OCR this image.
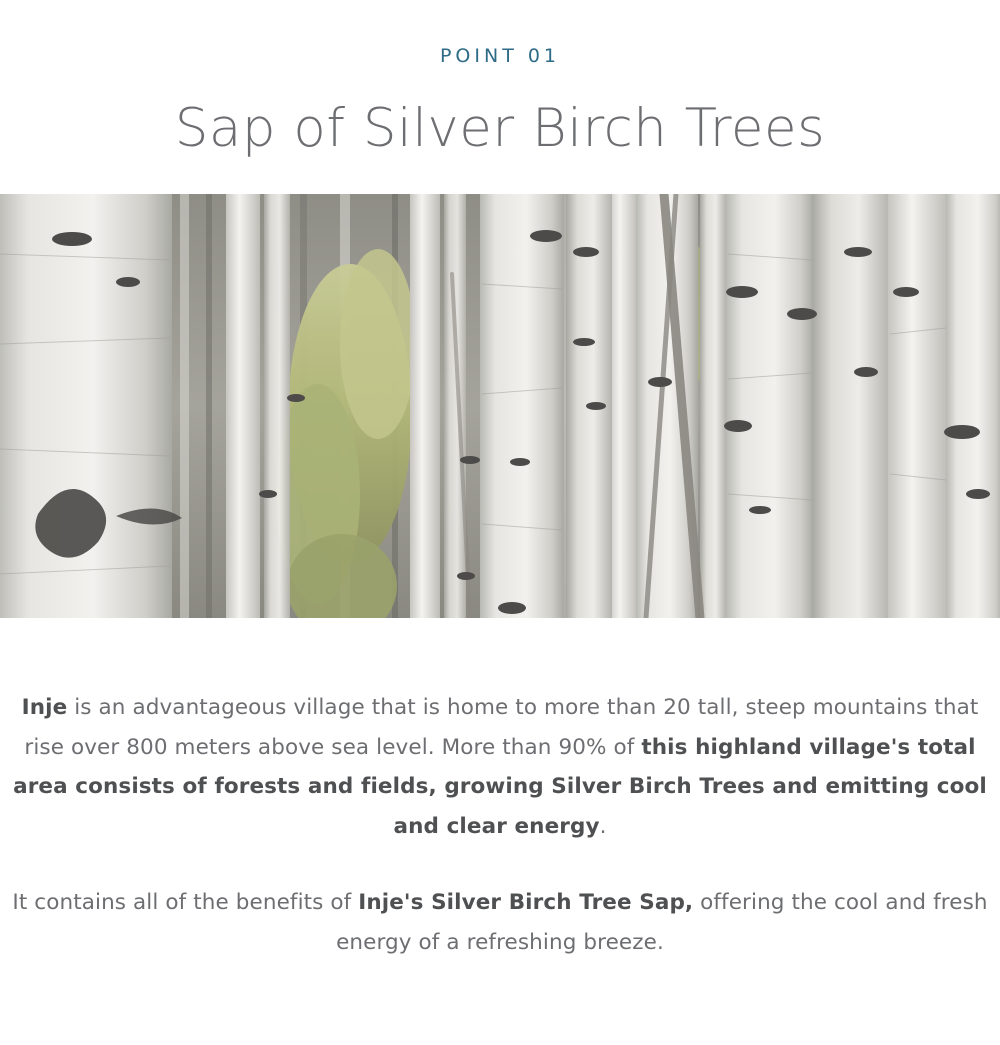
POINT 01
Sap of Silver Birch Trees

Inje is an advantageous village that is home to more than 20 tall, steep mountains that rise over 800 meters above sea level. More than 90% of this highland village's total area consists of forests and fields, growing Silver Birch Trees and emitting cool and clear energy.

It contains all of the benefits of Inje's Silver Birch Tree Sap, offering the cool and fresh energy of a refreshing breeze.
